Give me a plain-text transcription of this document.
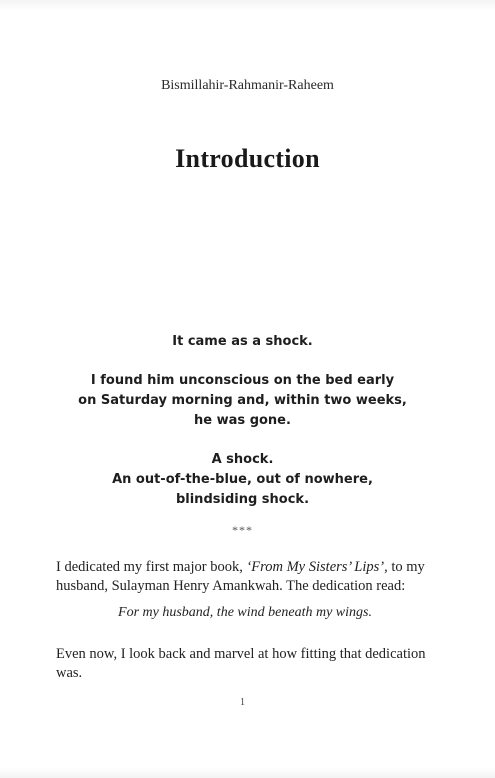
Bismillahir-Rahmanir-Raheem
Introduction

It came as a shock.

I found him unconscious on the bed early
on Saturday morning and, within two weeks,
he was gone.

A shock.
An out-of-the-blue, out of nowhere,
blindsiding shock.

***

I dedicated my first major book, ‘From My Sisters’ Lips’, to my husband, Sulayman Henry Amankwah. The dedication read:

For my husband, the wind beneath my wings.

Even now, I look back and marvel at how fitting that dedication was.

1
